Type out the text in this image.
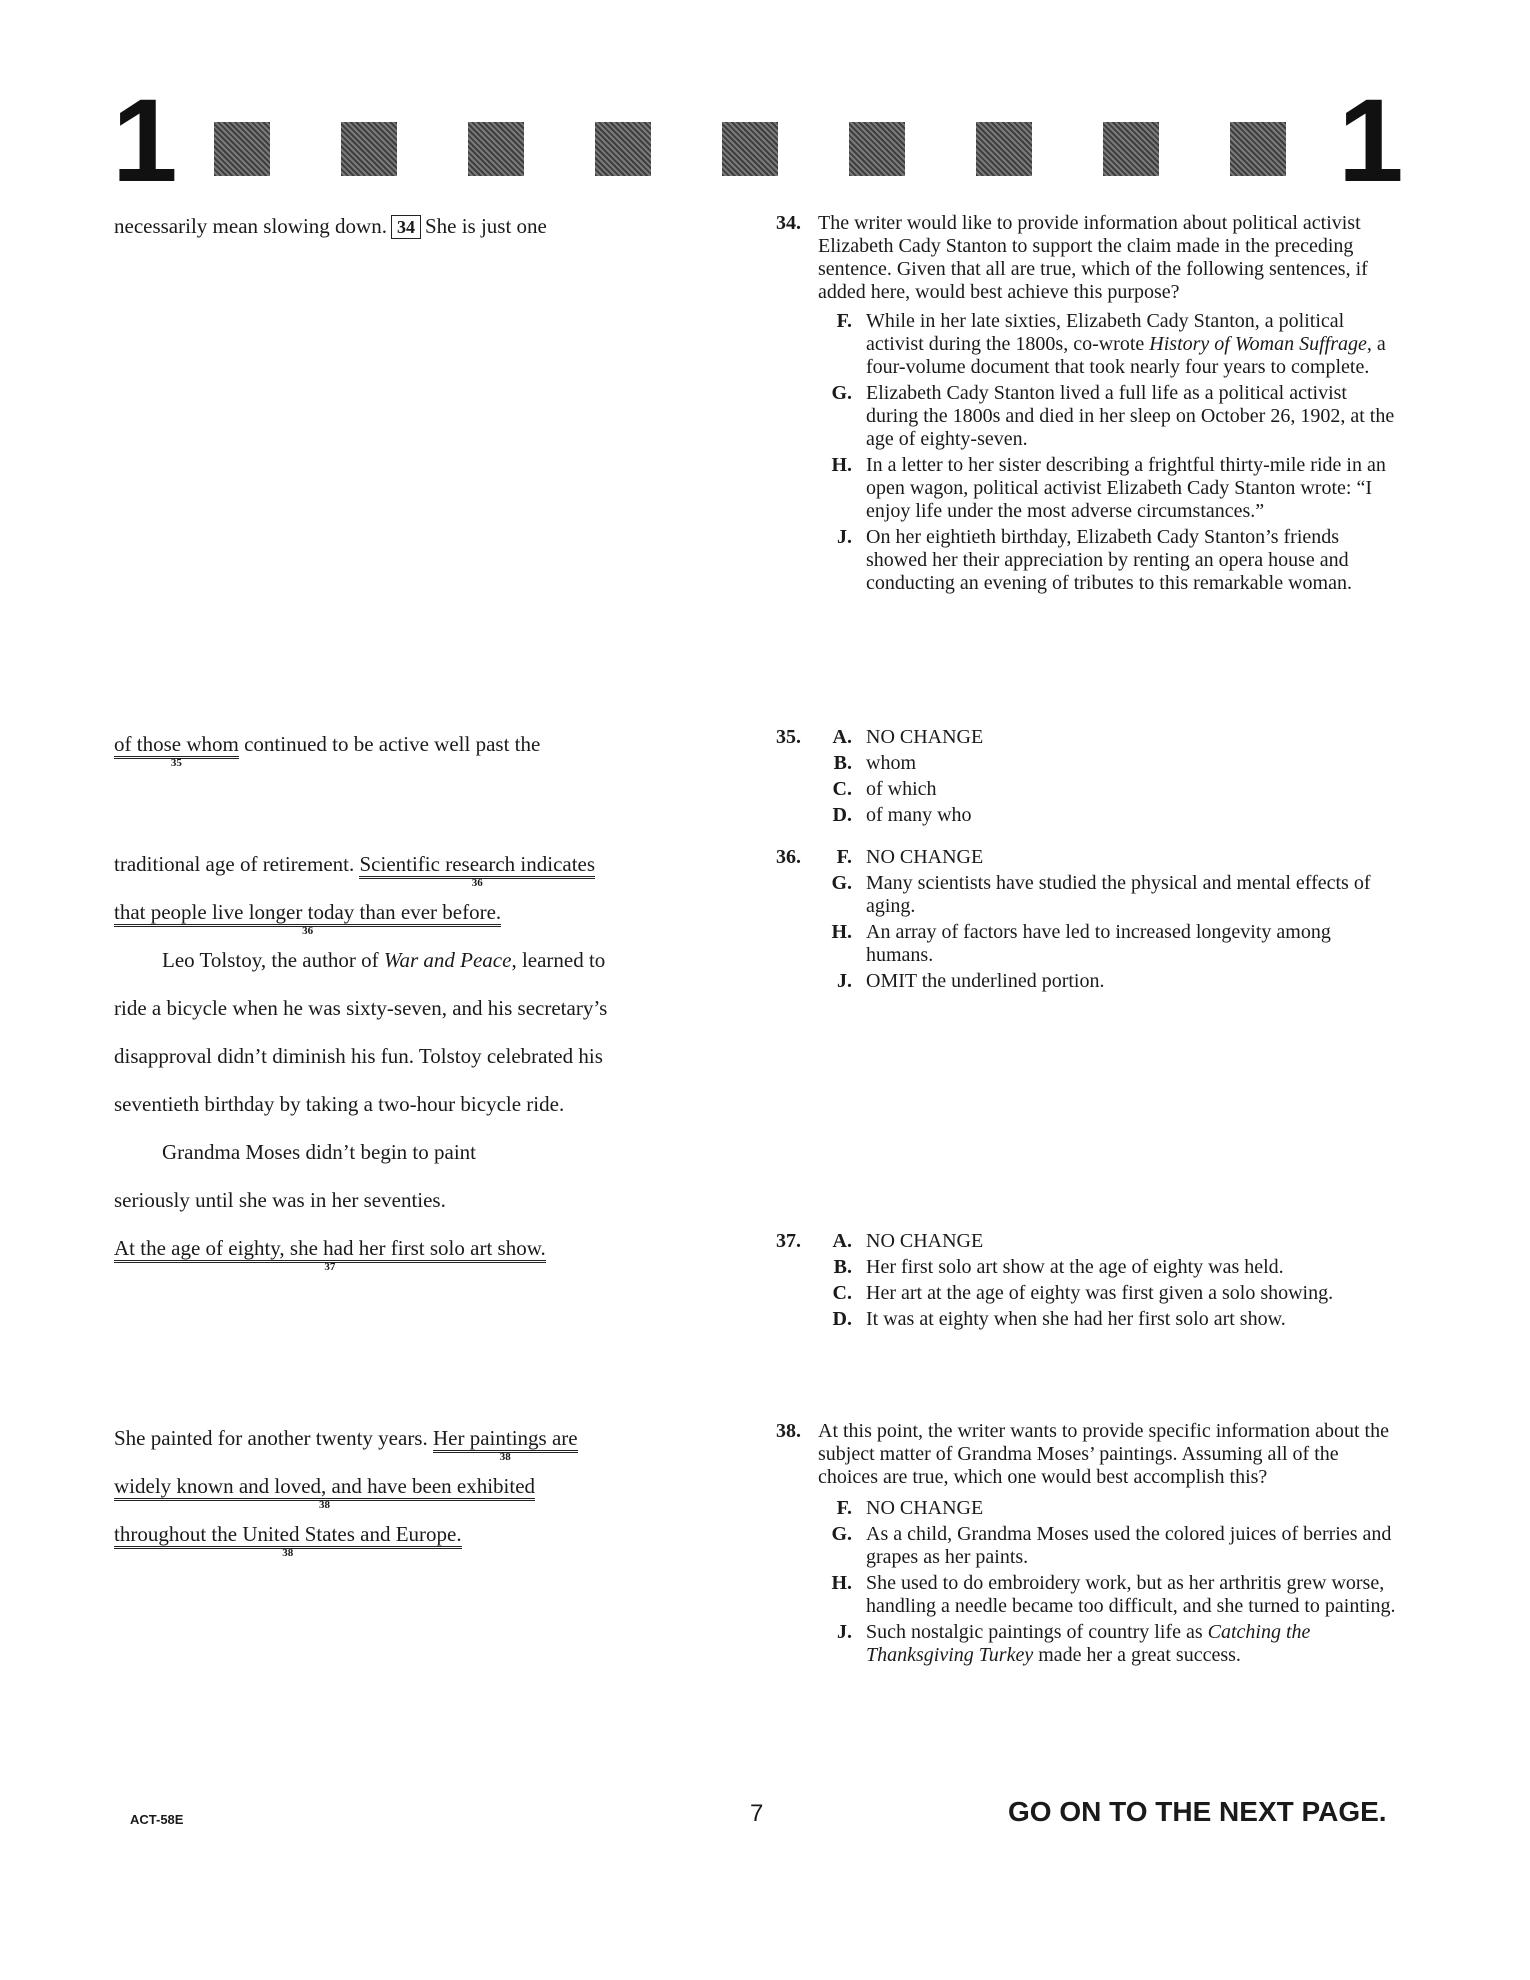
1	1
necessarily mean slowing down. 34 She is just one
of those whom
35
continued to be active well past the
traditional age of retirement. Scientific research indicates
36
that people live longer today than ever before.
36
Leo Tolstoy, the author of War and Peace, learned to
ride a bicycle when he was sixty-seven, and his secretary’s
disapproval didn’t diminish his fun. Tolstoy celebrated his
seventieth birthday by taking a two-hour bicycle ride.
Grandma Moses didn’t begin to paint
seriously until she was in her seventies.
At the age of eighty, she had her first solo art show.
37
She painted for another twenty years. Her paintings are
38
widely known and loved, and have been exhibited
38
throughout the United States and Europe.
38
34. The writer would like to provide information about political activist Elizabeth Cady Stanton to support the claim made in the preceding sentence. Given that all are true, which of the following sentences, if added here, would best achieve this purpose?
F. While in her late sixties, Elizabeth Cady Stanton, a political activist during the 1800s, co-wrote History of Woman Suffrage, a four-volume document that took nearly four years to complete.
G. Elizabeth Cady Stanton lived a full life as a political activist during the 1800s and died in her sleep on October 26, 1902, at the age of eighty-seven.
H. In a letter to her sister describing a frightful thirty-mile ride in an open wagon, political activist Elizabeth Cady Stanton wrote: “I enjoy life under the most adverse circumstances.”
J. On her eightieth birthday, Elizabeth Cady Stanton’s friends showed her their appreciation by renting an opera house and conducting an evening of tributes to this remarkable woman.
35.	A. NO CHANGE
B. whom
C. of which
D. of many who
36.	F. NO CHANGE
G. Many scientists have studied the physical and mental effects of aging.
H. An array of factors have led to increased longevity among humans.
J. OMIT the underlined portion.
37.	A. NO CHANGE
B. Her first solo art show at the age of eighty was held.
C. Her art at the age of eighty was first given a solo showing.
D. It was at eighty when she had her first solo art show.
38. At this point, the writer wants to provide specific information about the subject matter of Grandma Moses’ paintings. Assuming all of the choices are true, which one would best accomplish this?
F. NO CHANGE
G. As a child, Grandma Moses used the colored juices of berries and grapes as her paints.
H. She used to do embroidery work, but as her arthritis grew worse, handling a needle became too difficult, and she turned to painting.
J. Such nostalgic paintings of country life as Catching the Thanksgiving Turkey made her a great success.
ACT-58E	7	GO ON TO THE NEXT PAGE.
